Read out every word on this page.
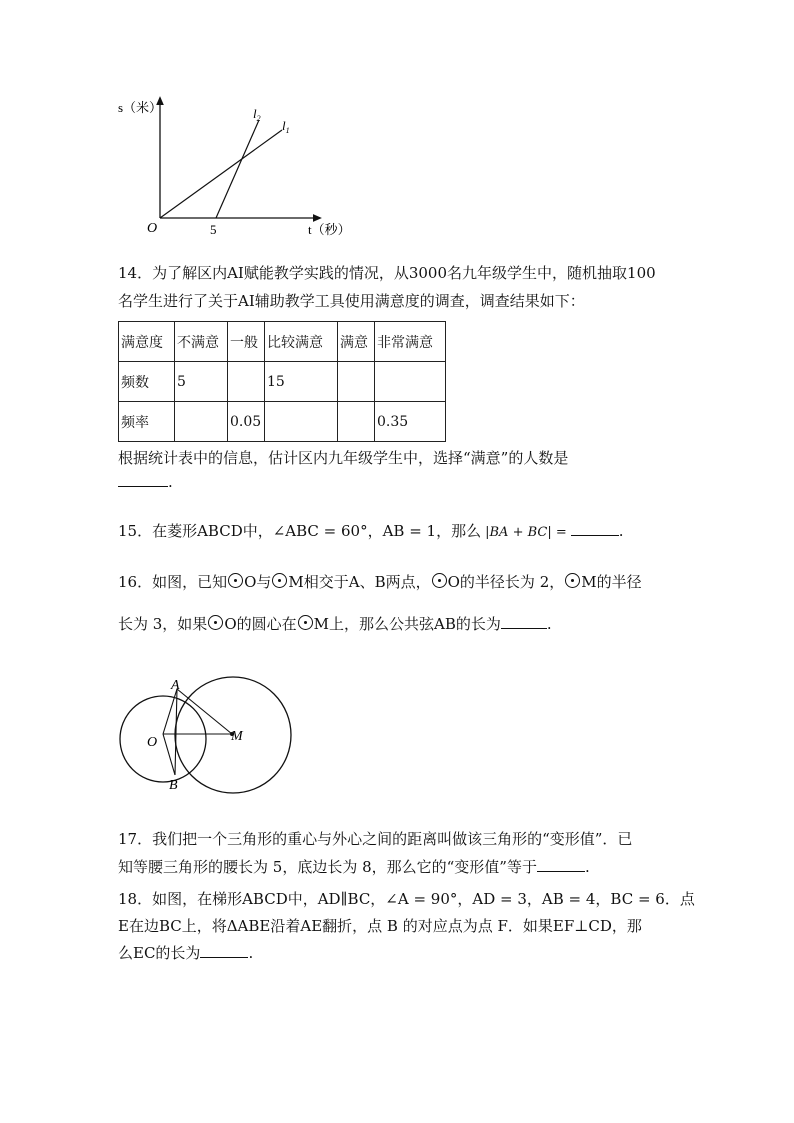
s（米）
t（秒）
O	5
$l_2$ $l_1$
14．为了解区内AI赋能教学实践的情况，从3000名九年级学生中，随机抽取100
名学生进行了关于AI辅助教学工具使用满意度的调查，调查结果如下：
满意度	不满意	一般	比较满意	满意	非常满意
频数	5		15		
频率		0.05			0.35
根据统计表中的信息，估计区内九年级学生中，选择“满意”的人数是
.
15．在菱形ABCD中，∠ABC = 60°，AB = 1，那么 |BA + BC| =	.
16．如图，已知 O与 M相交于A、B两点， O的半径长为 2， M的半径
长为 3，如果 O的圆心在 M上，那么公共弦AB的长为	.
A
B
O	M
17．我们把一个三角形的重心与外心之间的距离叫做该三角形的“变形值”．已
知等腰三角形的腰长为 5，底边长为 8，那么它的“变形值”等于	.
18．如图，在梯形ABCD中，AD∥BC，∠A = 90°，AD = 3，AB = 4，BC = 6．点
E在边BC上，将ΔABE沿着AE翻折，点 B 的对应点为点 F．如果EF⊥CD，那
么EC的长为	.
